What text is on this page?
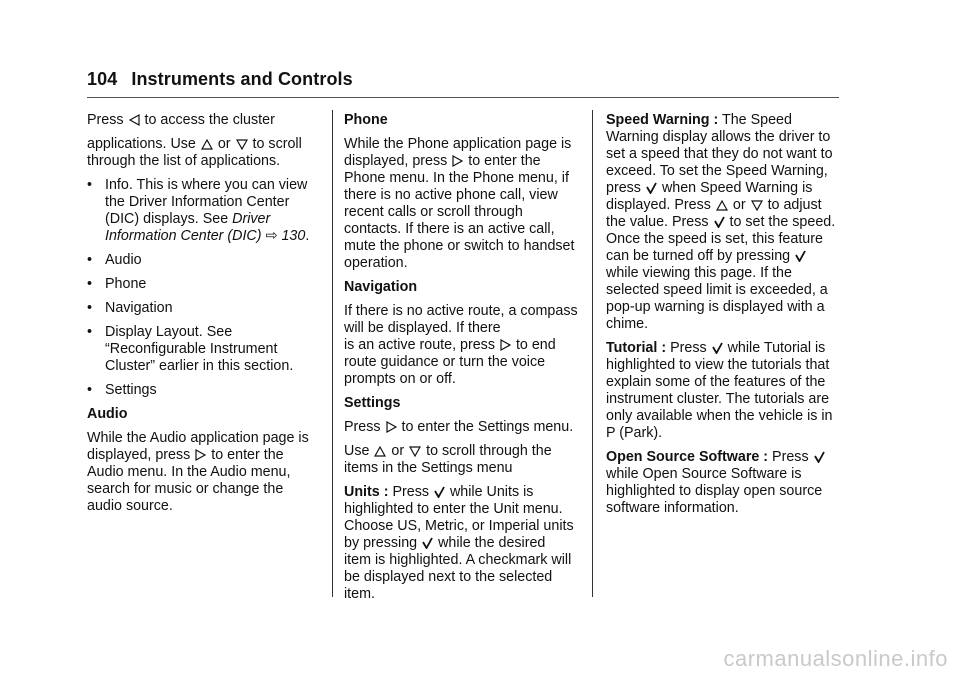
104 Instruments and Controls
Press to access the cluster
applications. Use or to scroll
through the list of applications.
• Info. This is where you can view the Driver Information Center (DIC) displays. See Driver Information Center (DIC) ⇨ 130.
• Audio
• Phone
• Navigation
• Display Layout. See “Reconfigurable Instrument Cluster” earlier in this section.
• Settings
Audio
While the Audio application page is
displayed, press to enter the
Audio menu. In the Audio menu, search for music or change the audio source.
Phone
While the Phone application page is
displayed, press to enter the
Phone menu. In the Phone menu, if there is no active phone call, view recent calls or scroll through contacts. If there is an active call, mute the phone or switch to handset operation.
Navigation
If there is no active route, a compass will be displayed. If there
is an active route, press to end
route guidance or turn the voice prompts on or off.
Settings
Press to enter the Settings menu.
Use or to scroll through the
items in the Settings menu
Units : Press while Units is
highlighted to enter the Unit menu. Choose US, Metric, or Imperial units
by pressing while the desired
item is highlighted. A checkmark will be displayed next to the selected item.
Speed Warning : The Speed Warning display allows the driver to set a speed that they do not want to exceed. To set the Speed Warning,
press when Speed Warning is
displayed. Press or to adjust
the value. Press to set the speed.
Once the speed is set, this feature
can be turned off by pressing

while viewing this page. If the selected speed limit is exceeded, a pop-up warning is displayed with a chime.
Tutorial : Press while Tutorial is
highlighted to view the tutorials that explain some of the features of the instrument cluster. The tutorials are only available when the vehicle is in P (Park).
Open Source Software : Press

while Open Source Software is highlighted to display open source software information.
carmanualsonline.info
